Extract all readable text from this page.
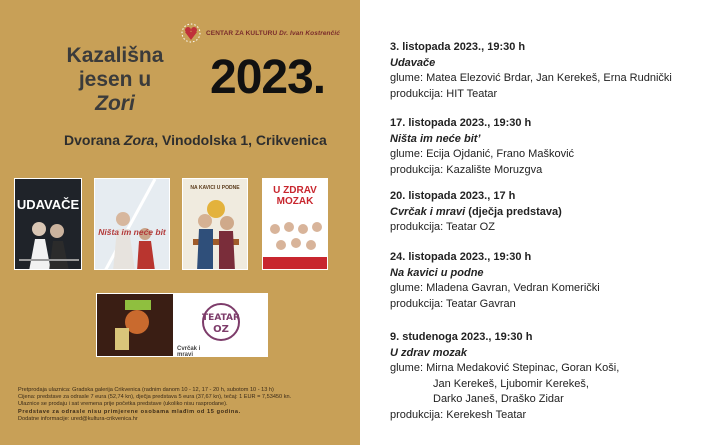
CENTAR ZA KULTURU Dr. Ivan Kostrenčić
Kazališna
jesen u Zori	2023.
Dvorana Zora, Vinodolska 1, Crikvenica
UDAVAČE
Ništa im neće bit
NA KAVICI U PODNE	U ZDRAV MOZAK
TEATAR
OZ
Cvrčak i mravi

Pretprodaja ulaznica: Gradska galerija Crikvenica (radnim danom 10 - 12, 17 - 20 h, subotom 10 - 13 h)

Cijena: predstave za odrasle 7 eura (52,74 kn), dječja predstava 5 eura (37,67 kn), tečaj: 1 EUR = 7,53450 kn.

Ulaznice se prodaju i sat vremena prije početka predstave (ukoliko nisu rasprodane).

Predstave za odrasle nisu primjerene osobama mlađim od 15 godina.

Dodatne informacije: ured@kultura-crikvenica.hr

3. listopada 2023., 19:30 h
Udavače
glume: Matea Elezović Brdar, Jan Kerekeš, Erna Rudnički
produkcija: HIT Teatar
17. listopada 2023., 19:30 h
Ništa im neće bit’
glume: Ecija Ojdanić, Frano Mašković
produkcija: Kazalište Moruzgva
20. listopada 2023., 17 h
Cvrčak i mravi (dječja predstava)
produkcija: Teatar OZ
24. listopada 2023., 19:30 h
Na kavici u podne
glume: Mladena Gavran, Vedran Komerički
produkcija: Teatar Gavran
9. studenoga 2023., 19:30 h
U zdrav mozak
glume: Mirna Medaković Stepinac, Goran Koši,
Jan Kerekeš, Ljubomir Kerekeš,
Darko Janeš, Draško Zidar
produkcija: Kerekesh Teatar
